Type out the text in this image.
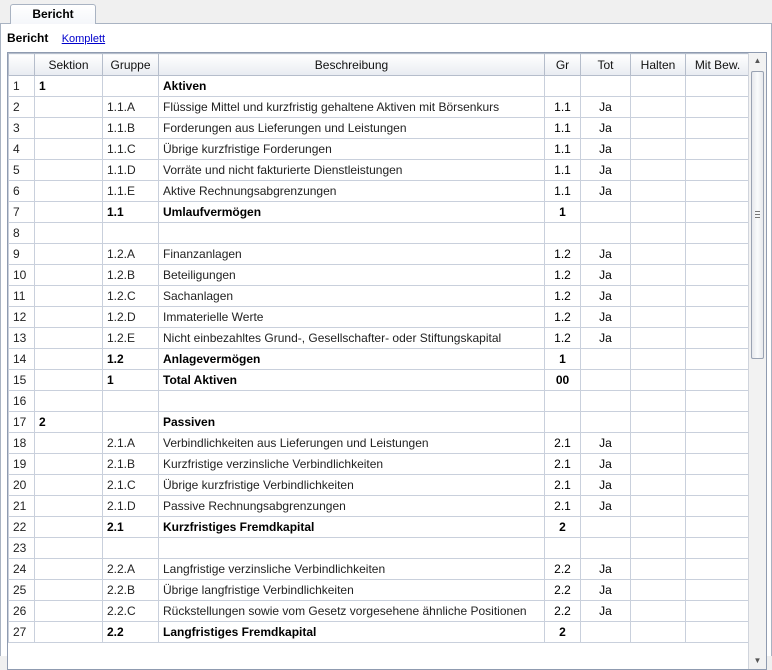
Bericht
Bericht Komplett
	Sektion	Gruppe	Beschreibung	Gr	Tot	Halten	Mit Bew.
1	1		Aktiven				
2		1.1.A	Flüssige Mittel und kurzfristig gehaltene Aktiven mit Börsenkurs	1.1	Ja		
3		1.1.B	Forderungen aus Lieferungen und Leistungen	1.1	Ja		
4		1.1.C	Übrige kurzfristige Forderungen	1.1	Ja		
5		1.1.D	Vorräte und nicht fakturierte Dienstleistungen	1.1	Ja		
6		1.1.E	Aktive Rechnungsabgrenzungen	1.1	Ja		
7		1.1	Umlaufvermögen	1			
8							
9		1.2.A	Finanzanlagen	1.2	Ja		
10		1.2.B	Beteiligungen	1.2	Ja		
11		1.2.C	Sachanlagen	1.2	Ja		
12		1.2.D	Immaterielle Werte	1.2	Ja		
13		1.2.E	Nicht einbezahltes Grund-, Gesellschafter- oder Stiftungskapital	1.2	Ja		
14		1.2	Anlagevermögen	1			
15		1	Total Aktiven	00			
16							
17	2		Passiven				
18		2.1.A	Verbindlichkeiten aus Lieferungen und Leistungen	2.1	Ja		
19		2.1.B	Kurzfristige verzinsliche Verbindlichkeiten	2.1	Ja		
20		2.1.C	Übrige kurzfristige Verbindlichkeiten	2.1	Ja		
21		2.1.D	Passive Rechnungsabgrenzungen	2.1	Ja		
22		2.1	Kurzfristiges Fremdkapital	2			
23							
24		2.2.A	Langfristige verzinsliche Verbindlichkeiten	2.2	Ja		
25		2.2.B	Übrige langfristige Verbindlichkeiten	2.2	Ja		
26		2.2.C	Rückstellungen sowie vom Gesetz vorgesehene ähnliche Positionen	2.2	Ja		
27		2.2	Langfristiges Fremdkapital	2			
▲
▼
